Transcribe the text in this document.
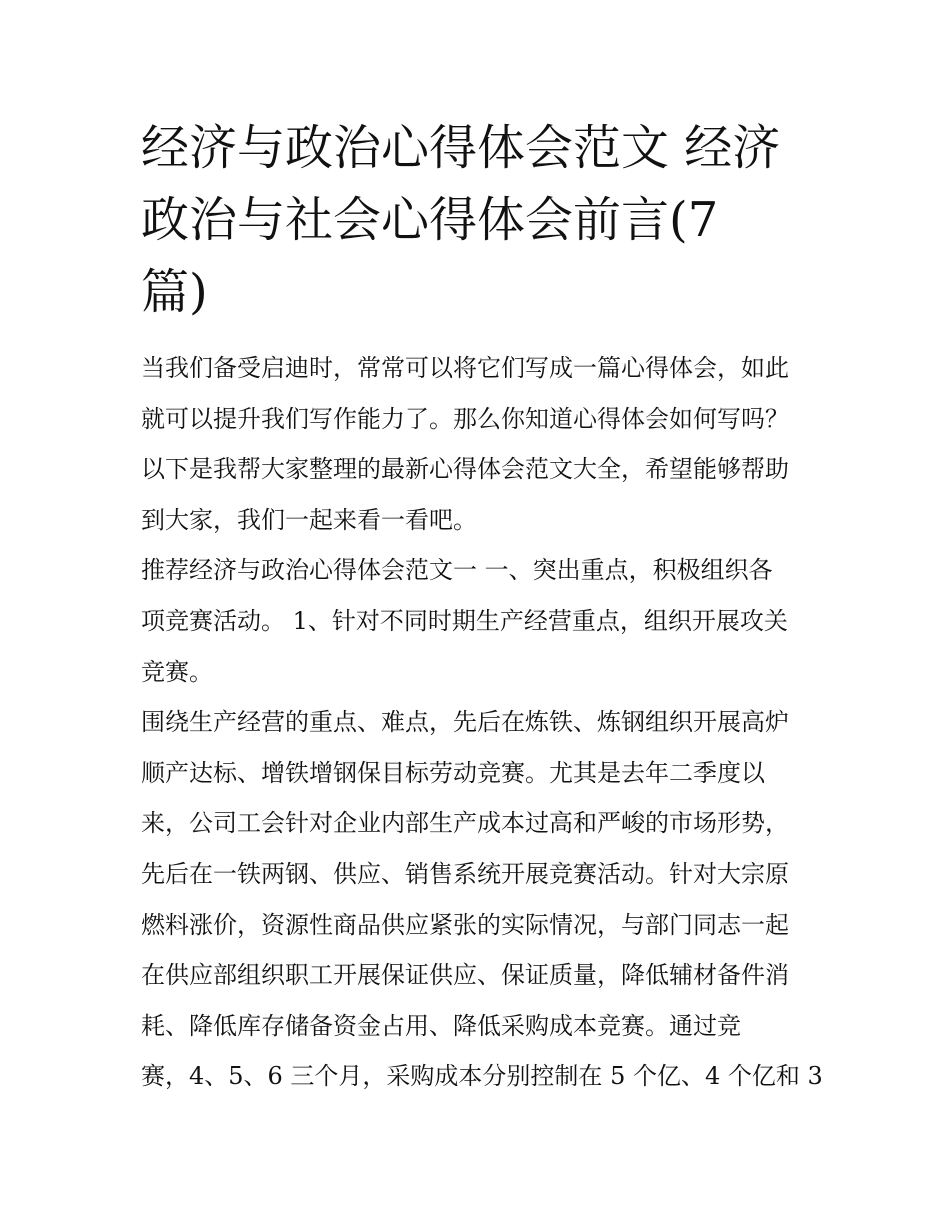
经济与政治心得体会范文 经济
政治与社会心得体会前言(7
篇)

当我们备受启迪时，常常可以将它们写成一篇心得体会，如此
就可以提升我们写作能力了。那么你知道心得体会如何写吗？
以下是我帮大家整理的最新心得体会范文大全，希望能够帮助
到大家，我们一起来看一看吧。

推荐经济与政治心得体会范文一 一、突出重点，积极组织各
项竞赛活动。 1、针对不同时期生产经营重点，组织开展攻关
竞赛。

围绕生产经营的重点、难点，先后在炼铁、炼钢组织开展高炉
顺产达标、增铁增钢保目标劳动竞赛。尤其是去年二季度以
来，公司工会针对企业内部生产成本过高和严峻的市场形势，
先后在一铁两钢、供应、销售系统开展竞赛活动。针对大宗原
燃料涨价，资源性商品供应紧张的实际情况，与部门同志一起
在供应部组织职工开展保证供应、保证质量，降低辅材备件消
耗、降低库存储备资金占用、降低采购成本竞赛。通过竞
赛，4、5、6 三个月，采购成本分别控制在 5 个亿、4 个亿和 3
